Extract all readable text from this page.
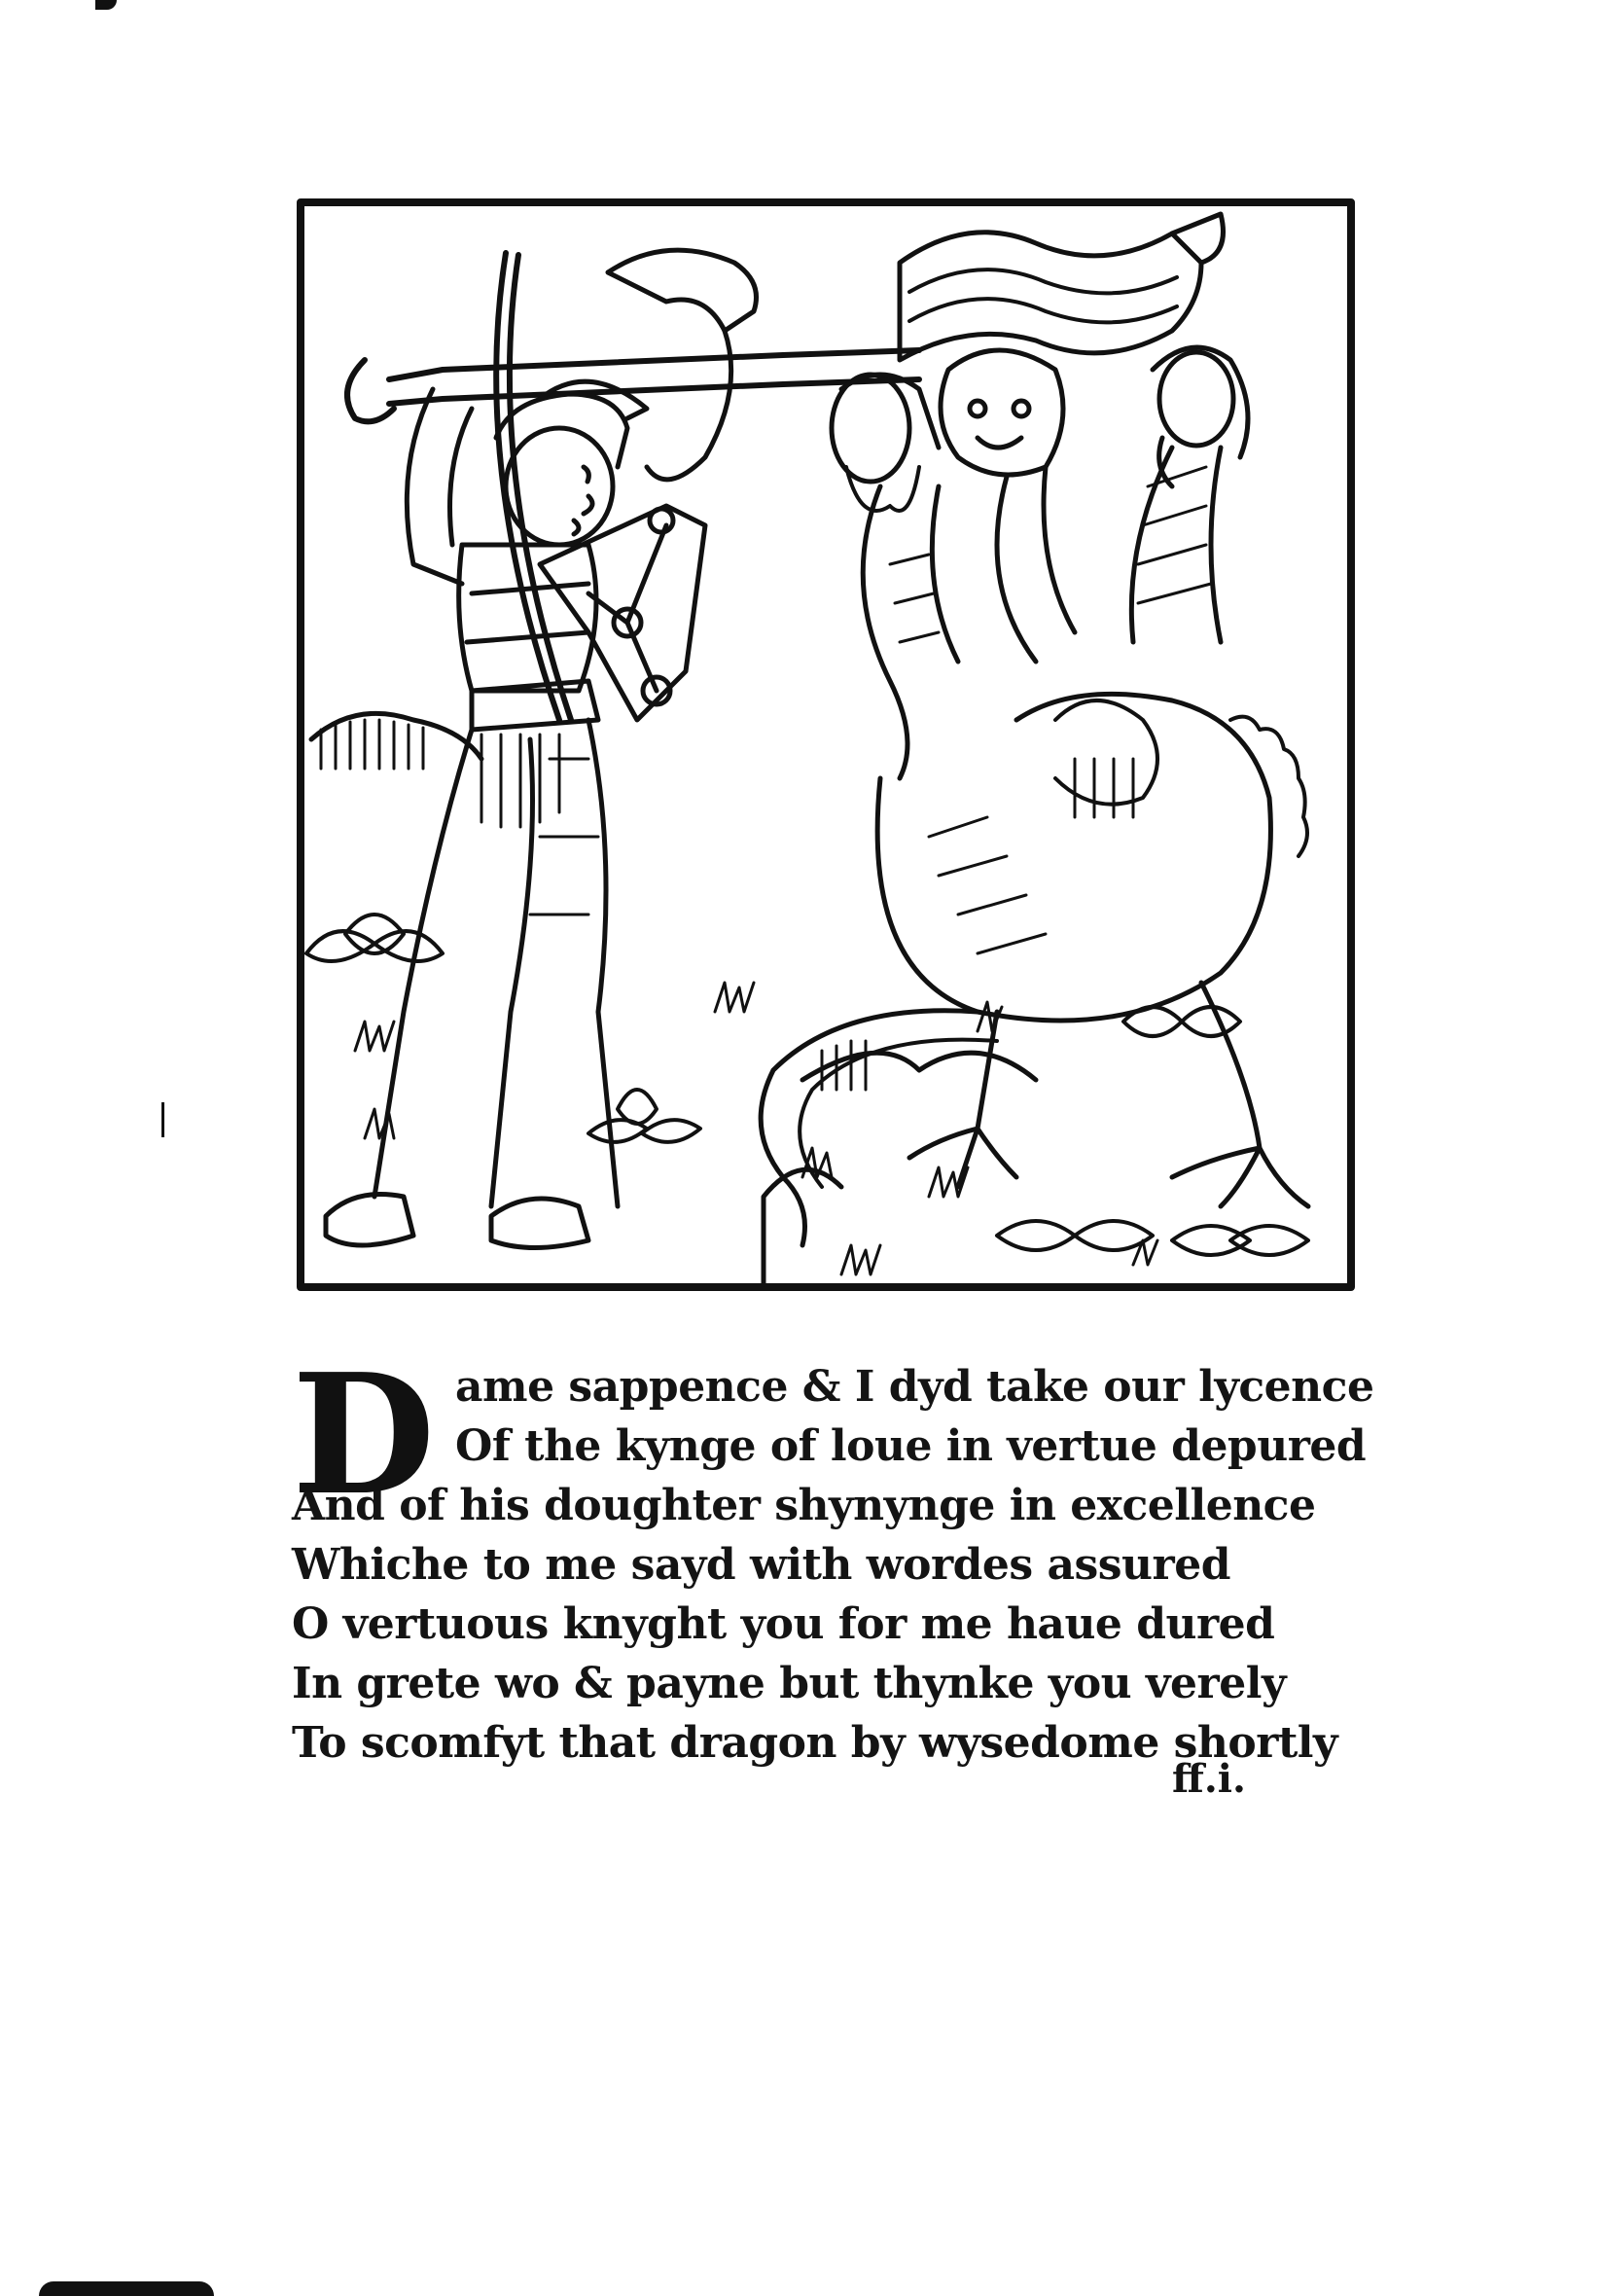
D ame sappence & I dyd take our lycence
Of the kynge of loue in vertue depured
And of his doughter shynynge in excellence
Whiche to me sayd with wordes assured
O vertuous knyght you for me haue dured
In grete wo & payne but thynke you verely
To scomfyt that dragon by wysedome shortly
ff.i.
